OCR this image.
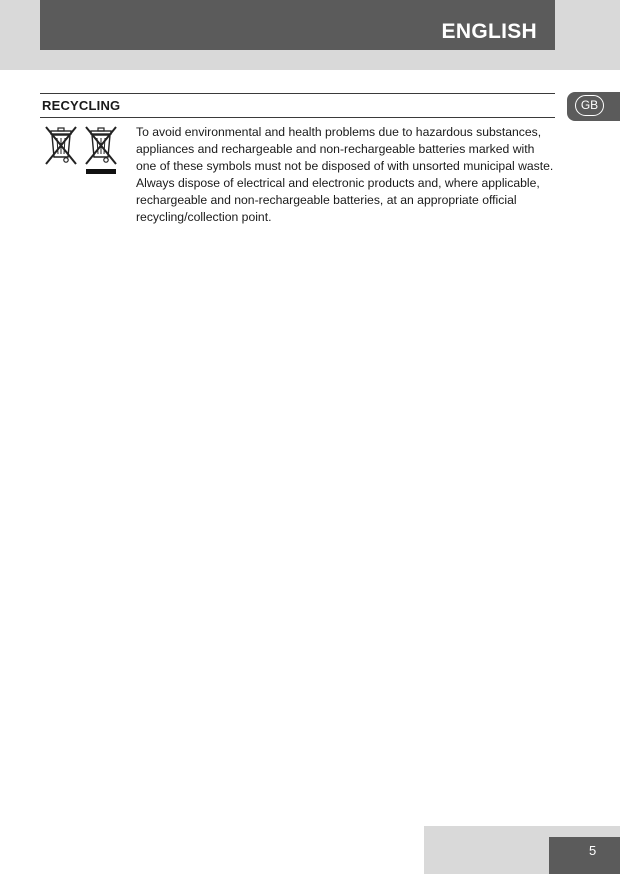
ENGLISH
GB
RECYCLING

To avoid environmental and health problems due to hazardous substances, appliances and rechargeable and non-rechargeable batteries marked with one of these symbols must not be disposed of with unsorted municipal waste. Always dispose of electrical and electronic products and, where applicable, rechargeable and non-rechargeable batteries, at an appropriate official recycling/collection point.

5
